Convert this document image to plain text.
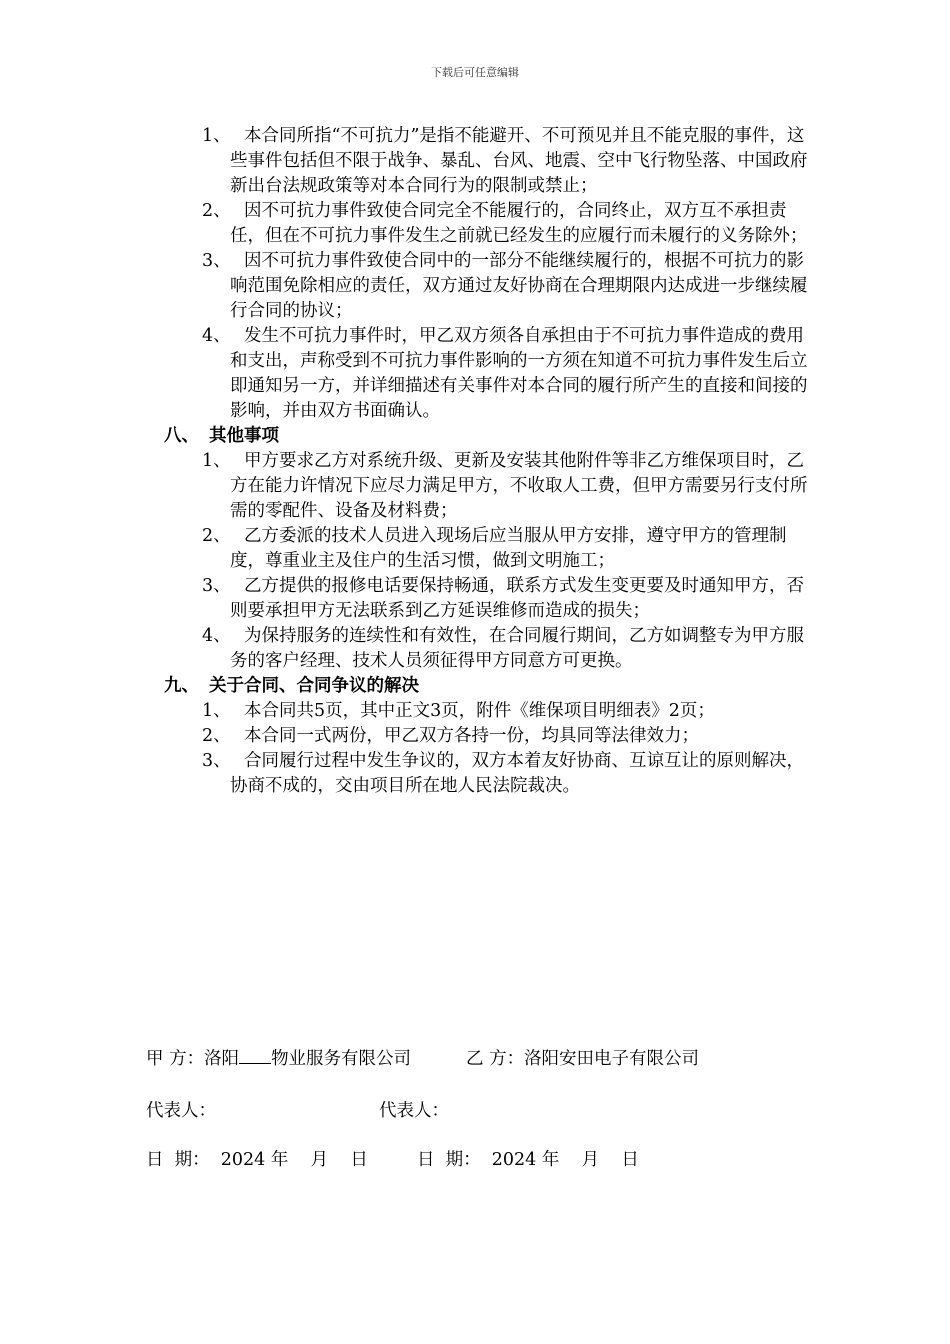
下载后可任意编辑
1、 本合同所指“不可抗力”是指不能避开、不可预见并且不能克服的事件，这些事件包括但不限于战争、暴乱、台风、地震、空中飞行物坠落、中国政府新出台法规政策等对本合同行为的限制或禁止；
2、 因不可抗力事件致使合同完全不能履行的，合同终止，双方互不承担责任，但在不可抗力事件发生之前就已经发生的应履行而未履行的义务除外；
3、 因不可抗力事件致使合同中的一部分不能继续履行的，根据不可抗力的影响范围免除相应的责任，双方通过友好协商在合理期限内达成进一步继续履行合同的协议；
4、 发生不可抗力事件时，甲乙双方须各自承担由于不可抗力事件造成的费用和支出，声称受到不可抗力事件影响的一方须在知道不可抗力事件发生后立即通知另一方，并详细描述有关事件对本合同的履行所产生的直接和间接的影响，并由双方书面确认。
八、 其他事项
1、 甲方要求乙方对系统升级、更新及安装其他附件等非乙方维保项目时，乙方在能力许情况下应尽力满足甲方，不收取人工费，但甲方需要另行支付所需的零配件、设备及材料费；
2、 乙方委派的技术人员进入现场后应当服从甲方安排，遵守甲方的管理制度，尊重业主及住户的生活习惯，做到文明施工；
3、 乙方提供的报修电话要保持畅通，联系方式发生变更要及时通知甲方，否则要承担甲方无法联系到乙方延误维修而造成的损失；
4、 为保持服务的连续性和有效性，在合同履行期间，乙方如调整专为甲方服务的客户经理、技术人员须征得甲方同意方可更换。
九、 关于合同、合同争议的解决
1、 本合同共5页，其中正文3页，附件《维保项目明细表》2页；
2、 本合同一式两份，甲乙双方各持一份，均具同等法律效力；
3、 合同履行过程中发生争议的，双方本着友好协商、互谅互让的原则解决，协商不成的，交由项目所在地人民法院裁决。
甲 方：洛阳 物业服务有限公司	乙 方：洛阳安田电子有限公司
代表人：	代表人：
日  期：  2024 年    月    日	日  期：  2024 年    月    日
